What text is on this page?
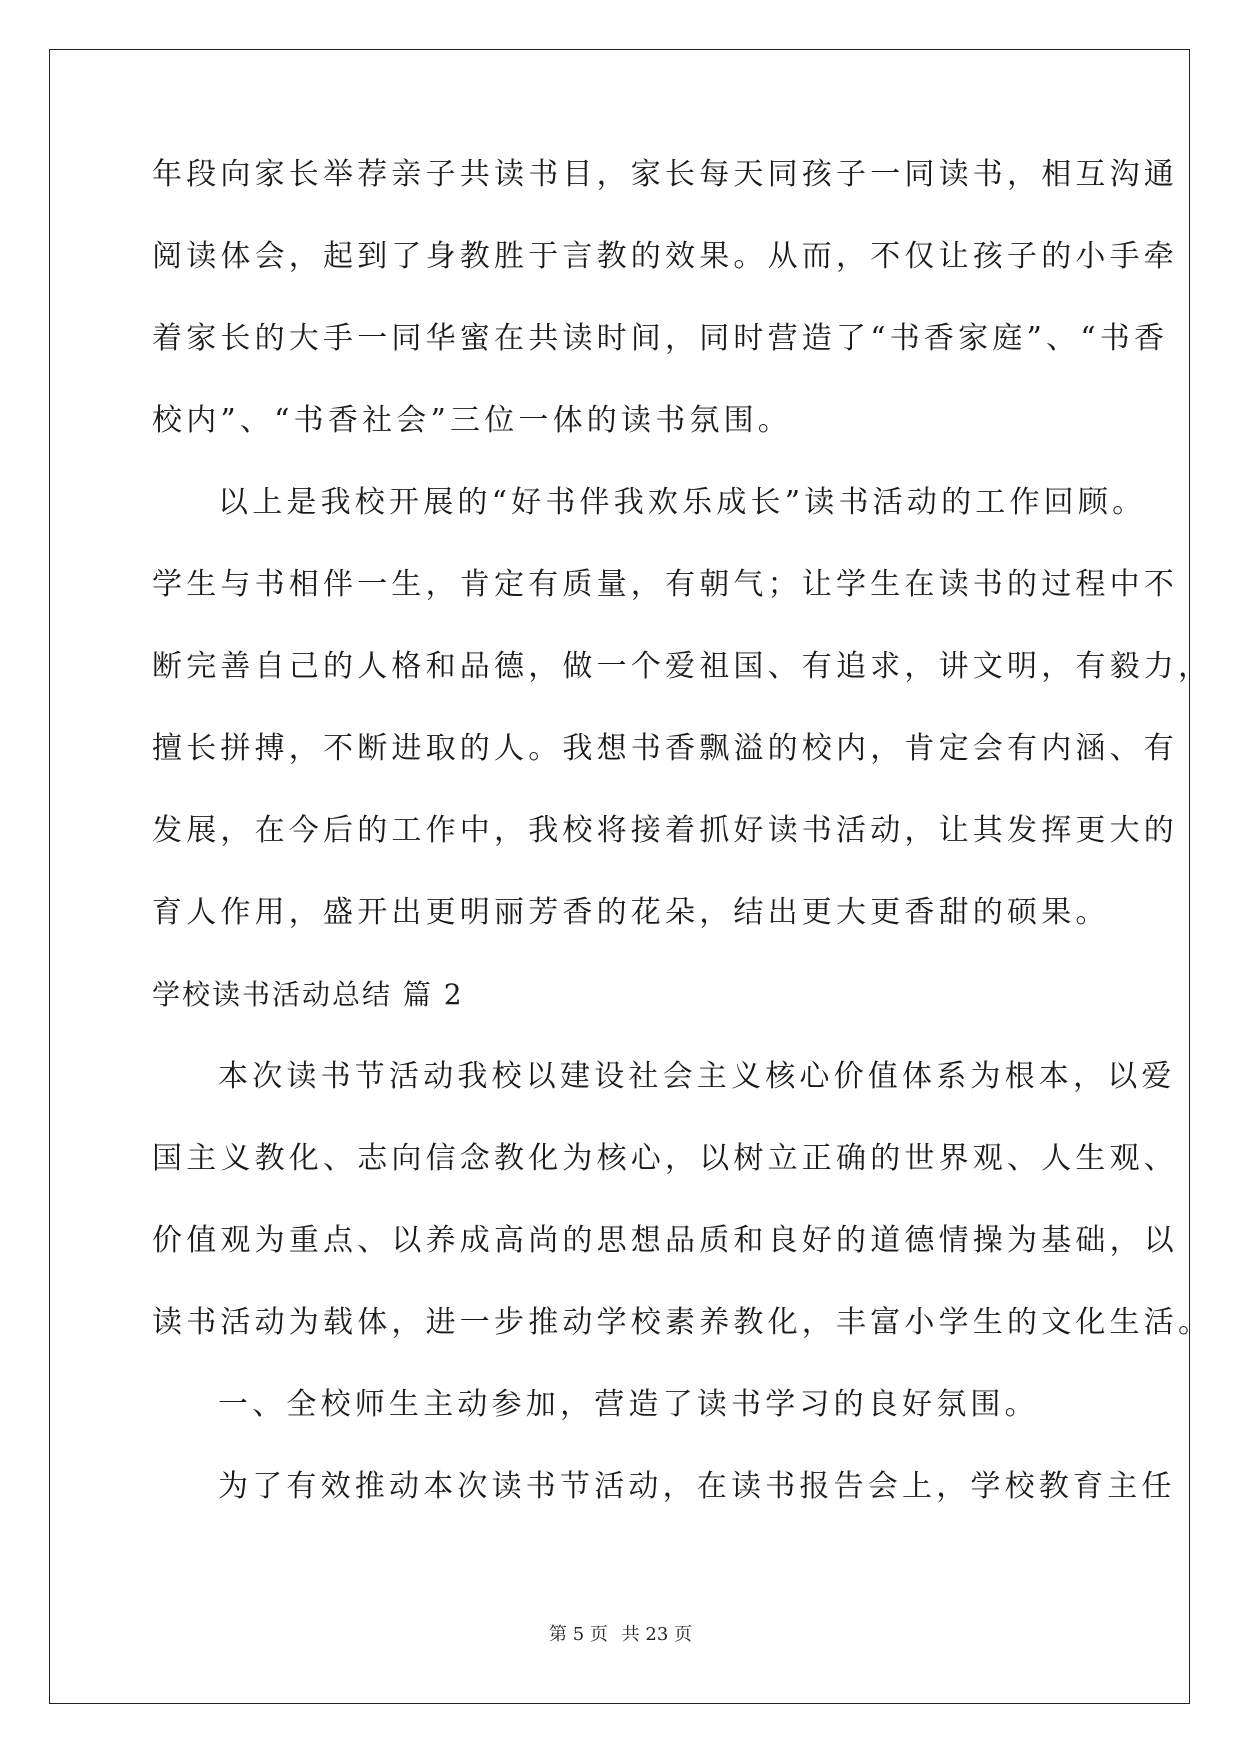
年段向家长举荐亲子共读书目，家长每天同孩子一同读书，相互沟通
阅读体会，起到了身教胜于言教的效果。从而，不仅让孩子的小手牵
着家长的大手一同华蜜在共读时间，同时营造了“书香家庭”、“书香
校内”、“书香社会”三位一体的读书氛围。
以上是我校开展的“好书伴我欢乐成长”读书活动的工作回顾。
学生与书相伴一生，肯定有质量，有朝气；让学生在读书的过程中不
断完善自己的人格和品德，做一个爱祖国、有追求，讲文明，有毅力，
擅长拼搏，不断进取的人。我想书香飘溢的校内，肯定会有内涵、有
发展，在今后的工作中，我校将接着抓好读书活动，让其发挥更大的
育人作用，盛开出更明丽芳香的花朵，结出更大更香甜的硕果。
学校读书活动总结 篇 2
本次读书节活动我校以建设社会主义核心价值体系为根本，以爱
国主义教化、志向信念教化为核心，以树立正确的世界观、人生观、
价值观为重点、以养成高尚的思想品质和良好的道德情操为基础，以
读书活动为载体，进一步推动学校素养教化，丰富小学生的文化生活。
一、全校师生主动参加，营造了读书学习的良好氛围。
为了有效推动本次读书节活动，在读书报告会上，学校教育主任
第 5 页 共 23 页
